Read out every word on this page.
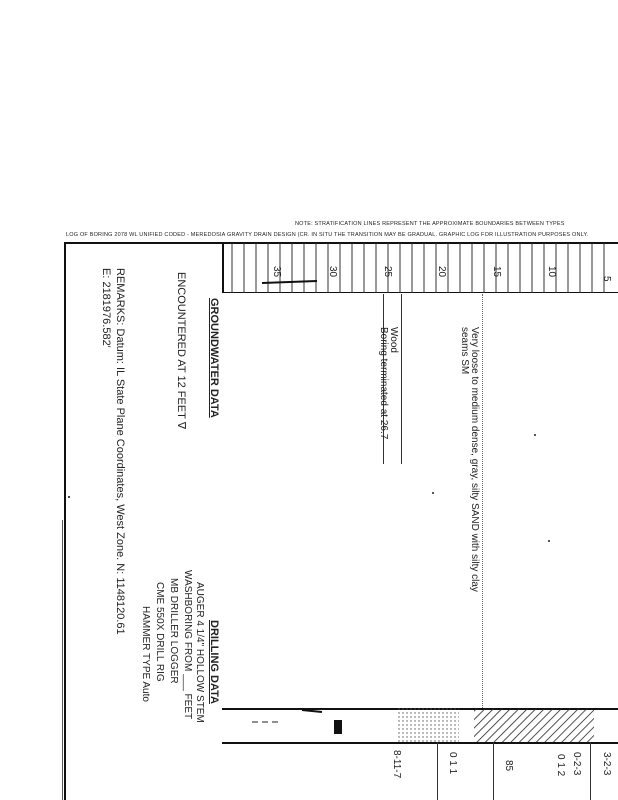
NOTE: STRATIFICATION LINES REPRESENT THE APPROXIMATE BOUNDARIES BETWEEN TYPES
LOG OF BORING 2078 WL UNIFIED CODED - MEREDOSIA GRAVITY DRAIN DESIGN (CR. IN SITU THE TRANSITION MAY BE GRADUAL. GRAPHIC LOG FOR ILLUSTRATION PURPOSES ONLY.
35	30	25	20	15	10
5
Very loose to medium dense, gray, silty SAND with silty clay
seams SM
Wood
Boring terminated at 26.7
GROUNDWATER DATA
ENCOUNTERED AT 12 FEET ∇
REMARKS: Datum: IL State Plane Coordinates, West Zone. N: 1148120.61
E: 2181976.582'
DRILLING DATA
AUGER 4 1/4" HOLLOW STEM
WASHBORING FROM ___ FEET
MB DRILLER LOGGER
CME 550X DRILL RIG
HAMMER TYPE Auto
8-11-7	0 1 1	85	0 1 2 0-2-3 3-2-3
